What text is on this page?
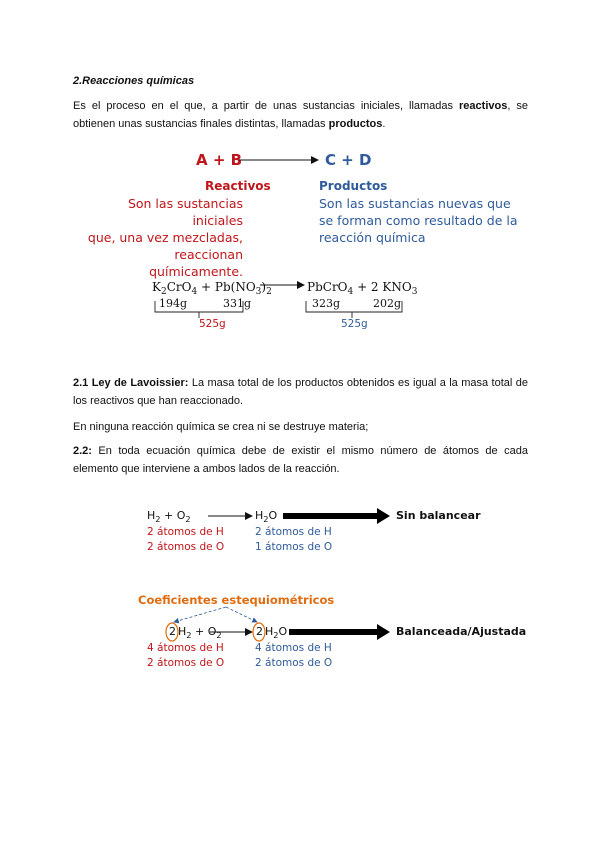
2.Reacciones químicas
Es el proceso en el que, a partir de unas sustancias iniciales, llamadas reactivos, se obtienen unas sustancias finales distintas, llamadas productos.
A + B	C + D
Reactivos
Son las sustancias iniciales
que, una vez mezcladas,
reaccionan químicamente.
Productos
Son las sustancias nuevas que
se forman como resultado de la
reacción química
$K_2CrO_4 + Pb(NO_3)_2$	PbCrO$_4$ + 2 $KNO_3$
194g	331g	323g	202g
525g	525g
2.1 Ley de Lavoissier: La masa total de los productos obtenidos es igual a la masa total de los reactivos que han reaccionado.
En ninguna reacción química se crea ni se destruye materia;
2.2: En toda ecuación química debe de existir el mismo número de átomos de cada elemento que interviene a ambos lados de la reacción.
$H_2 + O_2$	$H_2O$	Sin balancear
2 átomos de H
2 átomos de O
2 átomos de H
1 átomos de O
Coeficientes estequiométricos
2 $H_2 + O_2$	2 $H_2O$	Balanceada/Ajustada
4 átomos de H
2 átomos de O
4 átomos de H
2 átomos de O
